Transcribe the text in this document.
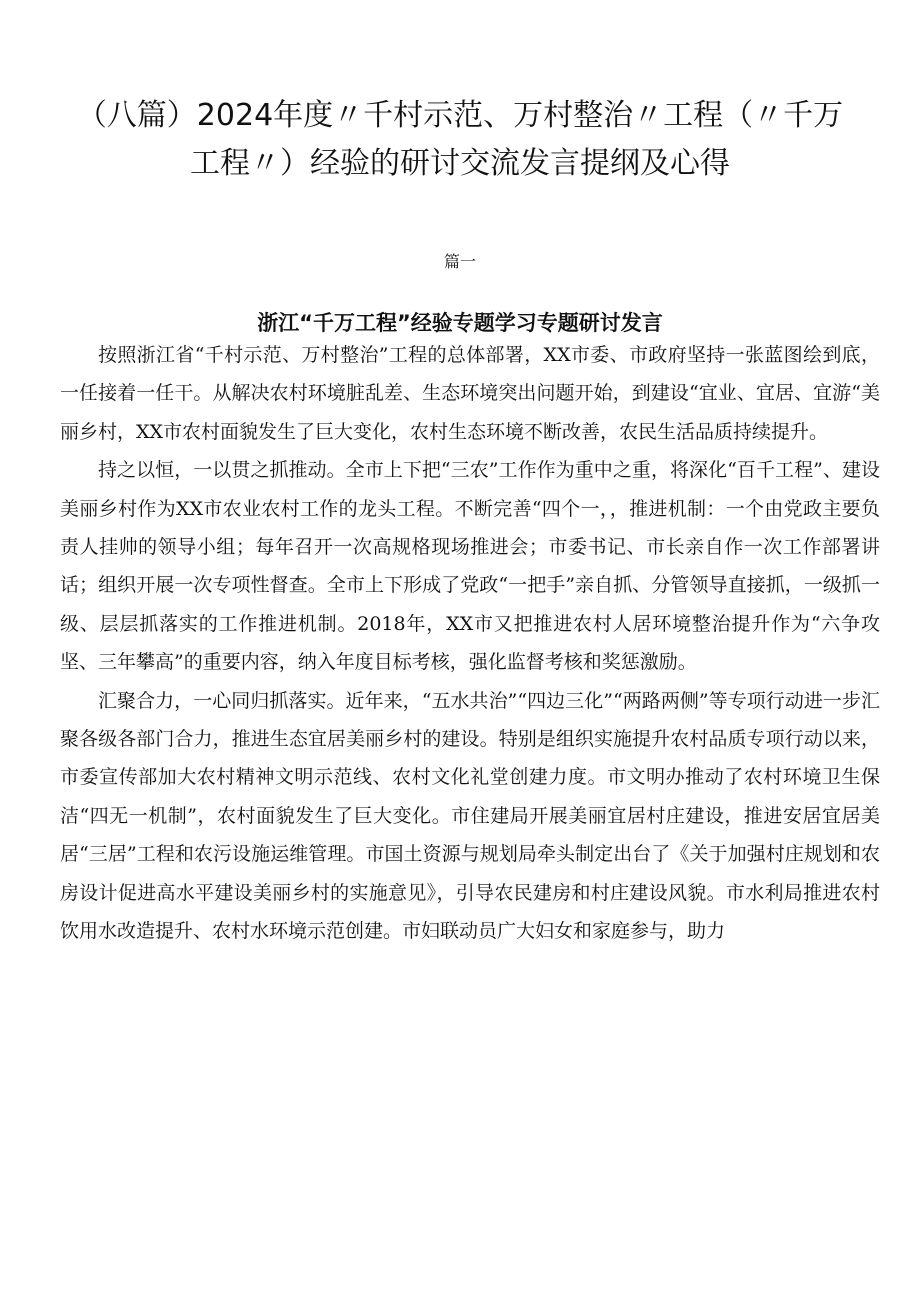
（八篇）2024年度〃千村示范、万村整治〃工程（〃千万
工程〃）经验的研讨交流发言提纲及心得
篇一
浙江“千万工程”经验专题学习专题研讨发言

按照浙江省“千村示范、万村整治”工程的总体部署，XX市委、市政府坚持一张蓝图绘到底，一任接着一任干。从解决农村环境脏乱差、生态环境突出问题开始，到建设“宜业、宜居、宜游“美丽乡村，XX市农村面貌发生了巨大变化，农村生态环境不断改善，农民生活品质持续提升。

持之以恒，一以贯之抓推动。全市上下把“三农”工作作为重中之重，将深化“百千工程”、建设美丽乡村作为XX市农业农村工作的龙头工程。不断完善“四个一，，推进机制：一个由党政主要负责人挂帅的领导小组；每年召开一次高规格现场推进会；市委书记、市长亲自作一次工作部署讲话；组织开展一次专项性督查。全市上下形成了党政“一把手”亲自抓、分管领导直接抓，一级抓一级、层层抓落实的工作推进机制。2018年，XX市又把推进农村人居环境整治提升作为“六争攻坚、三年攀高”的重要内容，纳入年度目标考核，强化监督考核和奖惩激励。

汇聚合力，一心同归抓落实。近年来，“五水共治”“四边三化”“两路两侧”等专项行动进一步汇聚各级各部门合力，推进生态宜居美丽乡村的建设。特别是组织实施提升农村品质专项行动以来，市委宣传部加大农村精神文明示范线、农村文化礼堂创建力度。市文明办推动了农村环境卫生保洁“四无一机制”，农村面貌发生了巨大变化。市住建局开展美丽宜居村庄建设，推进安居宜居美居“三居”工程和农污设施运维管理。市国土资源与规划局牵头制定出台了《关于加强村庄规划和农房设计促进高水平建设美丽乡村的实施意见》，引导农民建房和村庄建设风貌。市水利局推进农村饮用水改造提升、农村水环境示范创建。市妇联动员广大妇女和家庭参与，助力
